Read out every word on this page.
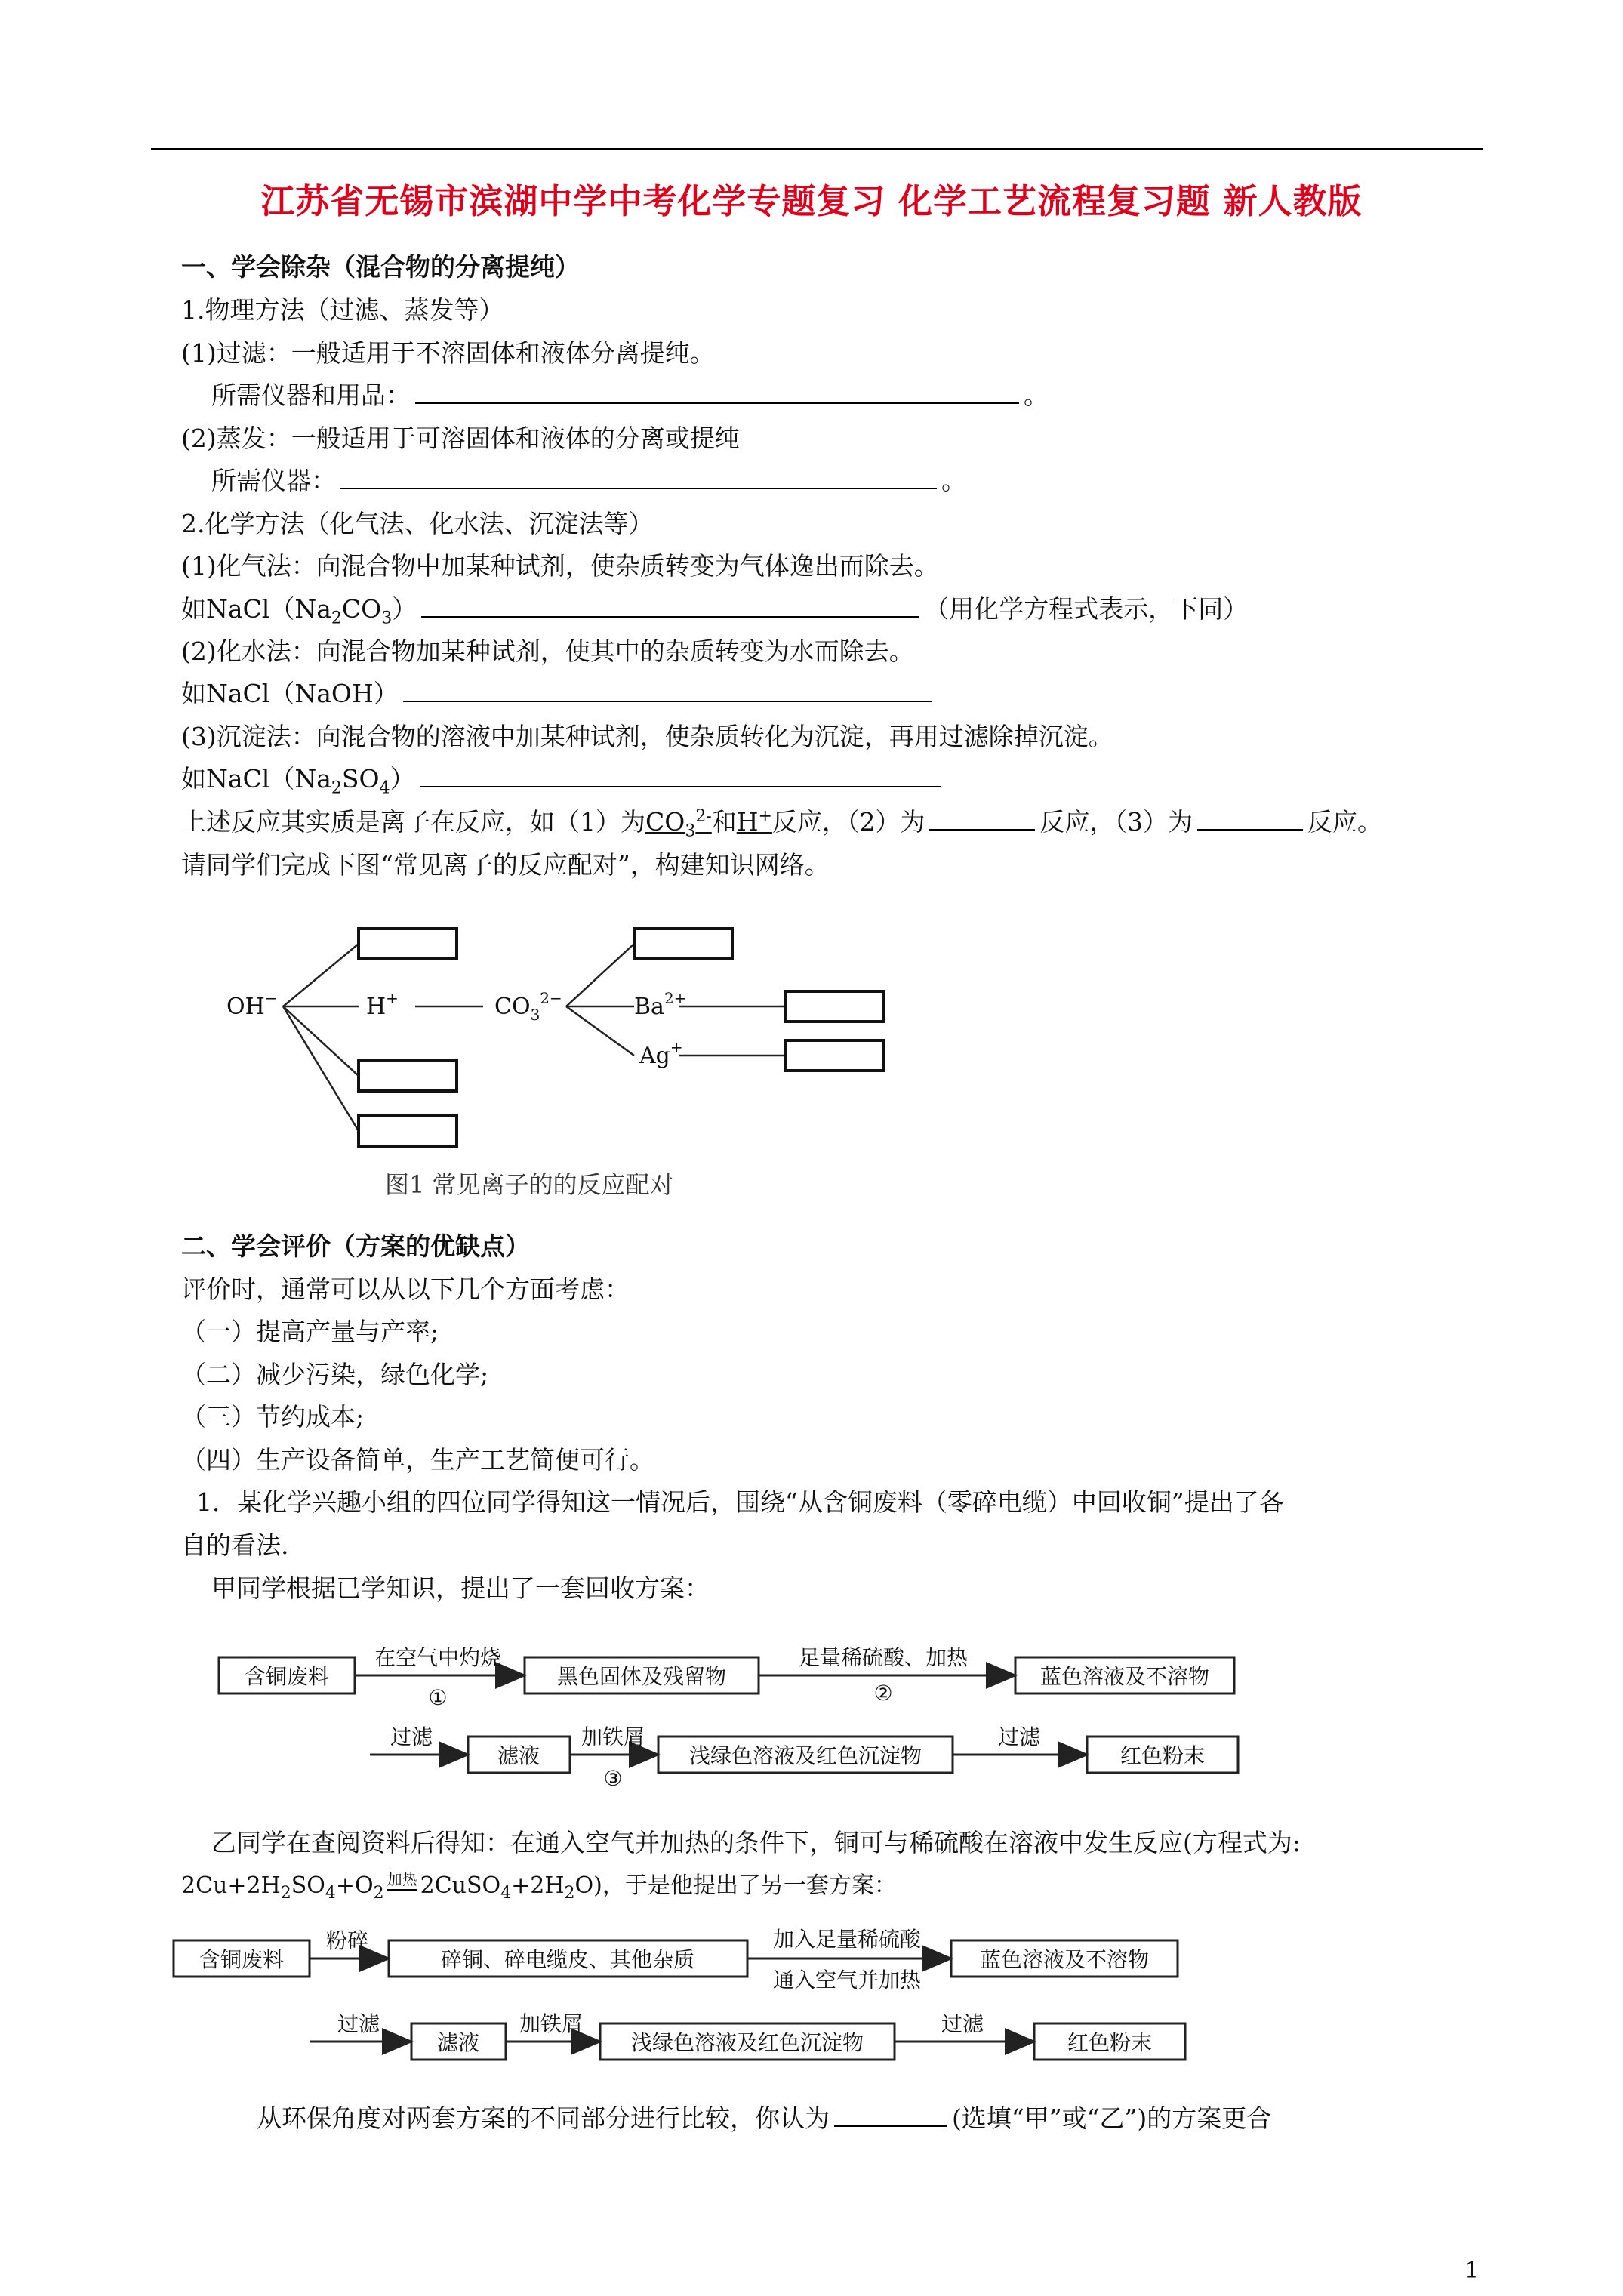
江苏省无锡市滨湖中学中考化学专题复习 化学工艺流程复习题 新人教版
一、学会除杂（混合物的分离提纯）
1.物理方法（过滤、蒸发等）
(1)过滤：一般适用于不溶固体和液体分离提纯。
所需仪器和用品：	。
(2)蒸发：一般适用于可溶固体和液体的分离或提纯
所需仪器：	。
2.化学方法（化气法、化水法、沉淀法等）
(1)化气法：向混合物中加某种试剂，使杂质转变为气体逸出而除去。
如$NaCl(Na_2CO_3)$	（用化学方程式表示，下同）
(2)化水法：向混合物加某种试剂，使其中的杂质转变为水而除去。
如NaCl（NaOH）
(3)沉淀法：向混合物的溶液中加某种试剂，使杂质转化为沉淀，再用过滤除掉沉淀。
如$NaCl(Na_2SO_4)$
上述反应其实质是离子在反应，如（1）为$CO_3^{2-}$和H+反应，（2）为	反应，（3）为	反应。
请同学们完成下图“常见离子的反应配对”，构建知识网络。
OH−	H+	$CO_3^{2-}$	$Ba^{2+}$
Ag+
图1 常见离子的的反应配对
二、学会评价（方案的优缺点）
评价时，通常可以从以下几个方面考虑：
（一）提高产量与产率;
（二）减少污染，绿色化学;
（三）节约成本;
（四）生产设备简单，生产工艺简便可行。
1．某化学兴趣小组的四位同学得知这一情况后，围绕“从含铜废料（零碎电缆）中回收铜”提出了各
自的看法.
甲同学根据已学知识，提出了一套回收方案：
含铜废料	黑色固体及残留物	蓝色溶液及不溶物
滤液	浅绿色溶液及红色沉淀物	红色粉末
在空气中灼烧
①
足量稀硫酸、加热
②
过滤	加铁屑
③
过滤
乙同学在查阅资料后得知：在通入空气并加热的条件下，铜可与稀硫酸在溶液中发生反应(方程式为:
$2Cu+2H_2SO_4+O_2$加热 $2CuSO_4+2H_2O$)，于是他提出了另一套方案：
含铜废料	碎铜、碎电缆皮、其他杂质	蓝色溶液及不溶物
滤液	浅绿色溶液及红色沉淀物	红色粉末
粉碎	加入足量稀硫酸
通入空气并加热
过滤	加铁屑	过滤
从环保角度对两套方案的不同部分进行比较，你认为	(选填“甲”或“乙”)的方案更合
1
